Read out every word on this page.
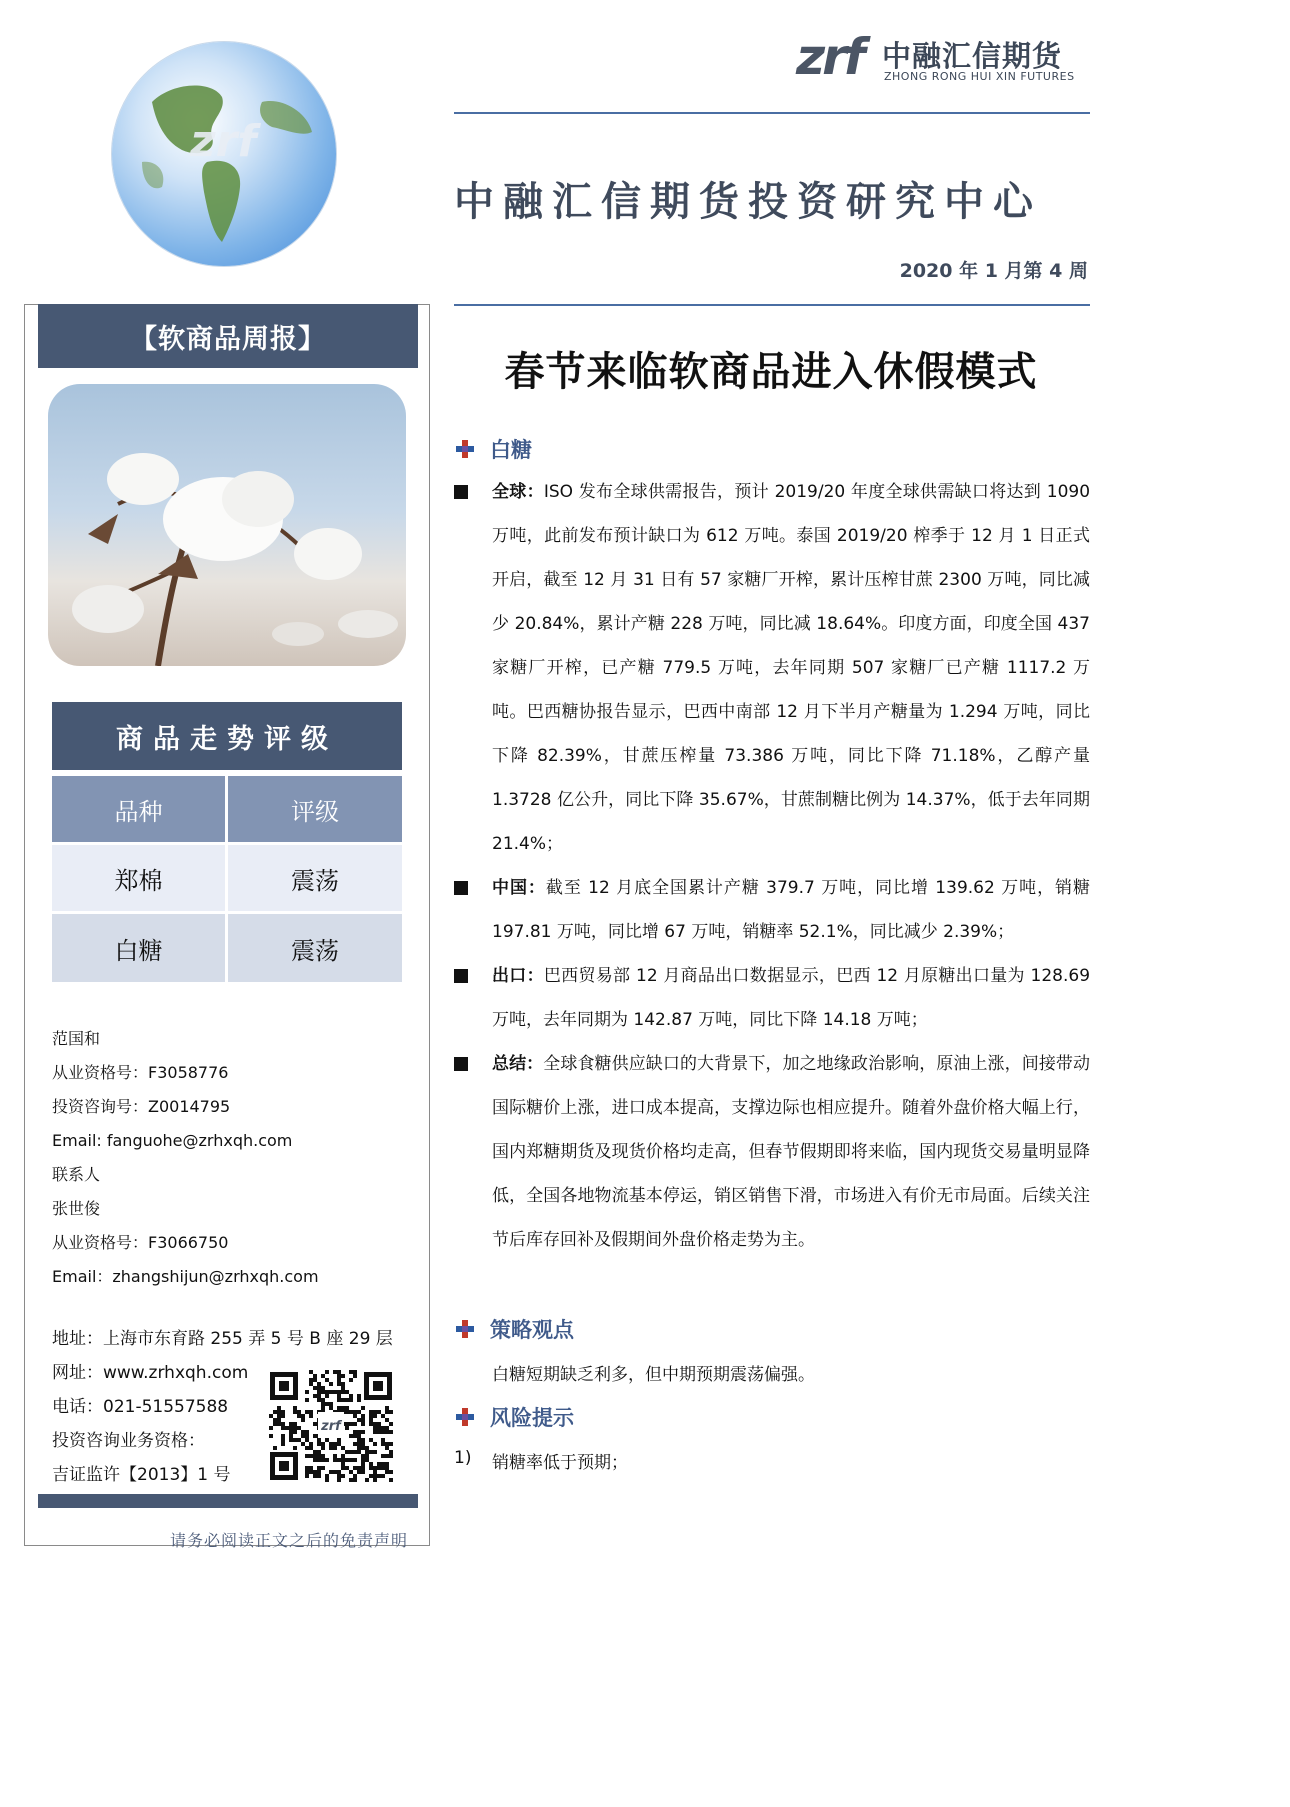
zrf
zrf 中融汇信期货
ZHONG RONG HUI XIN FUTURES
中融汇信期货投资研究中心
2020 年 1 月第 4 周
【软商品周报】
商品走势评级
品种	评级
郑棉	震荡
白糖	震荡
范国和
从业资格号：F3058776
投资咨询号：Z0014795
Email: fanguohe@zrhxqh.com
联系人
张世俊
从业资格号：F3066750
Email：zhangshijun@zrhxqh.com
地址：上海市东育路 255 弄 5 号 B 座 29 层
网址：www.zrhxqh.com
电话：021-51557588
投资咨询业务资格：
吉证监许【2013】1 号
zrf
请务必阅读正文之后的免责声明
春节来临软商品进入休假模式
白糖
全球：ISO 发布全球供需报告，预计 2019/20 年度全球供需缺口将达到 1090 万吨，此前发布预计缺口为 612 万吨。泰国 2019/20 榨季于 12 月 1 日正式开启，截至 12 月 31 日有 57 家糖厂开榨，累计压榨甘蔗 2300 万吨，同比减少 20.84%，累计产糖 228 万吨，同比减 18.64%。印度方面，印度全国 437 家糖厂开榨，已产糖 779.5 万吨，去年同期 507 家糖厂已产糖 1117.2 万吨。巴西糖协报告显示，巴西中南部 12 月下半月产糖量为 1.294 万吨，同比下降 82.39%，甘蔗压榨量 73.386 万吨，同比下降 71.18%，乙醇产量 1.3728 亿公升，同比下降 35.67%，甘蔗制糖比例为 14.37%，低于去年同期 21.4%；
中国：截至 12 月底全国累计产糖 379.7 万吨，同比增 139.62 万吨，销糖 197.81 万吨，同比增 67 万吨，销糖率 52.1%，同比减少 2.39%；
出口：巴西贸易部 12 月商品出口数据显示，巴西 12 月原糖出口量为 128.69 万吨，去年同期为 142.87 万吨，同比下降 14.18 万吨；
总结：全球食糖供应缺口的大背景下，加之地缘政治影响，原油上涨，间接带动国际糖价上涨，进口成本提高，支撑边际也相应提升。随着外盘价格大幅上行，国内郑糖期货及现货价格均走高，但春节假期即将来临，国内现货交易量明显降低，全国各地物流基本停运，销区销售下滑，市场进入有价无市局面。后续关注节后库存回补及假期间外盘价格走势为主。
策略观点
白糖短期缺乏利多，但中期预期震荡偏强。
风险提示
1) 销糖率低于预期；
